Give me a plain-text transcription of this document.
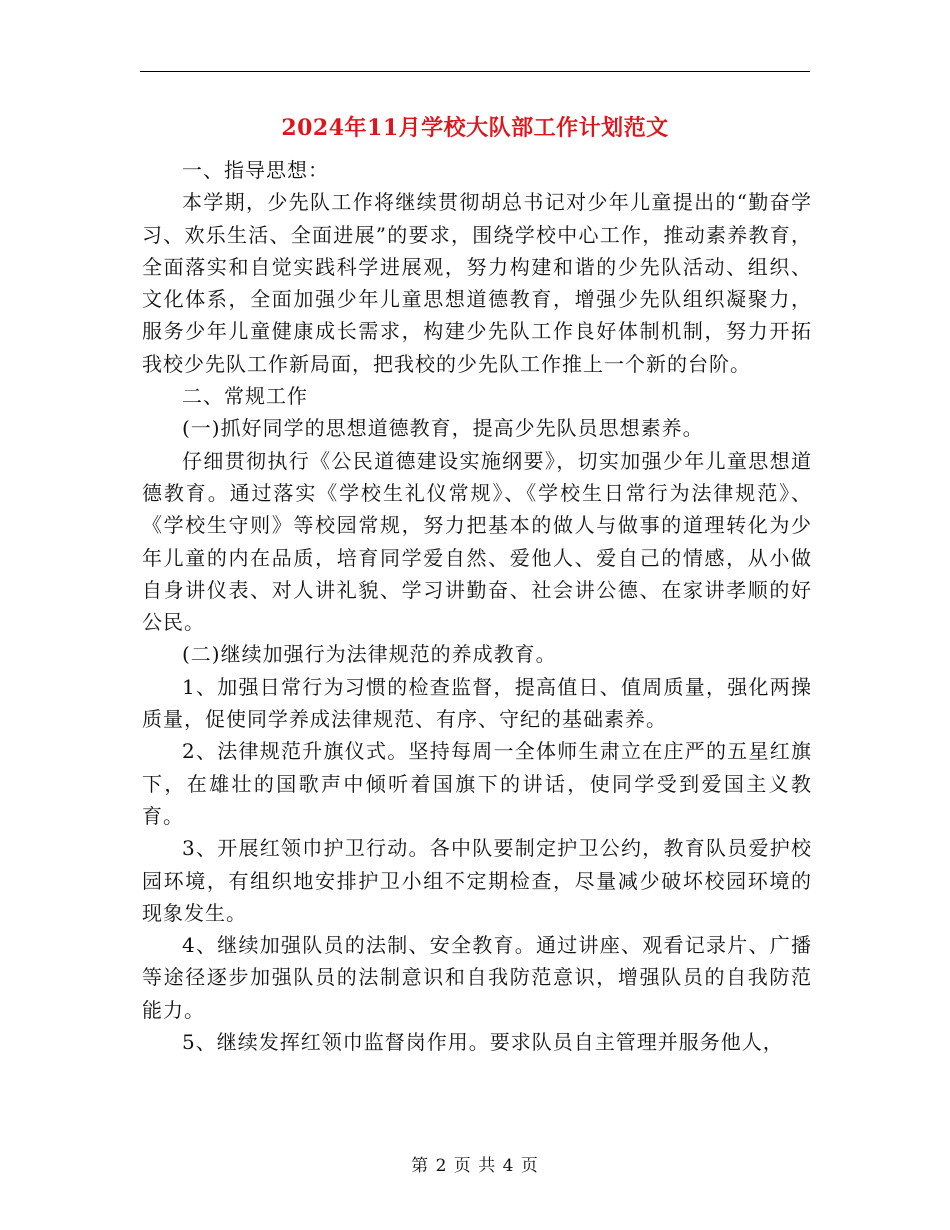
2024年11月学校大队部工作计划范文

一、指导思想：

本学期，少先队工作将继续贯彻胡总书记对少年儿童提出的“勤奋学习、欢乐生活、全面进展”的要求，围绕学校中心工作，推动素养教育，全面落实和自觉实践科学进展观，努力构建和谐的少先队活动、组织、文化体系，全面加强少年儿童思想道德教育，增强少先队组织凝聚力，服务少年儿童健康成长需求，构建少先队工作良好体制机制，努力开拓我校少先队工作新局面，把我校的少先队工作推上一个新的台阶。

二、常规工作

(一)抓好同学的思想道德教育，提高少先队员思想素养。

仔细贯彻执行《公民道德建设实施纲要》，切实加强少年儿童思想道德教育。通过落实《学校生礼仪常规》、《学校生日常行为法律规范》、《学校生守则》等校园常规，努力把基本的做人与做事的道理转化为少年儿童的内在品质，培育同学爱自然、爱他人、爱自己的情感，从小做自身讲仪表、对人讲礼貌、学习讲勤奋、社会讲公德、在家讲孝顺的好公民。

(二)继续加强行为法律规范的养成教育。

1、加强日常行为习惯的检查监督，提高值日、值周质量，强化两操质量，促使同学养成法律规范、有序、守纪的基础素养。

2、法律规范升旗仪式。坚持每周一全体师生肃立在庄严的五星红旗下，在雄壮的国歌声中倾听着国旗下的讲话，使同学受到爱国主义教育。

3、开展红领巾护卫行动。各中队要制定护卫公约，教育队员爱护校园环境，有组织地安排护卫小组不定期检查，尽量减少破坏校园环境的现象发生。

4、继续加强队员的法制、安全教育。通过讲座、观看记录片、广播等途径逐步加强队员的法制意识和自我防范意识，增强队员的自我防范能力。

5、继续发挥红领巾监督岗作用。要求队员自主管理并服务他人，

第 2 页 共 4 页
